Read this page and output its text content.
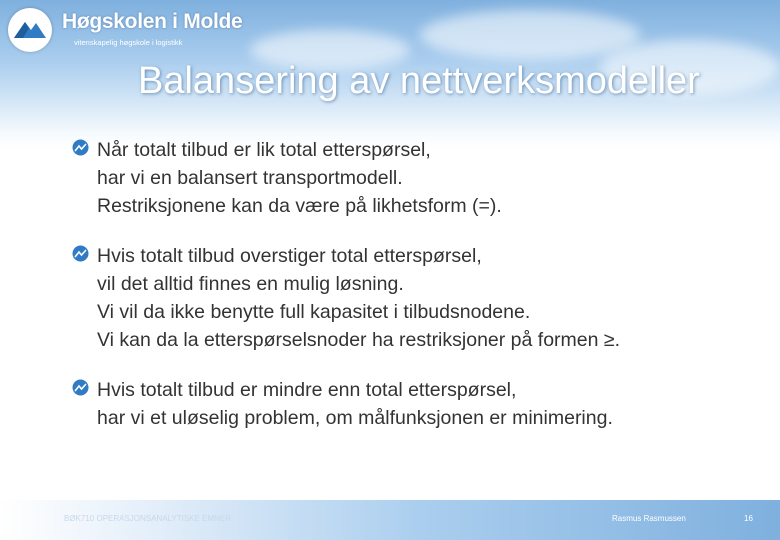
Høgskolen i Molde
vitenskapelig høgskole i logistikk
Balansering av nettverksmodeller
Når totalt tilbud er lik total etterspørsel,
har vi en balansert transportmodell.
Restriksjonene kan da være på likhetsform (=).
Hvis totalt tilbud overstiger total etterspørsel,
vil det alltid finnes en mulig løsning.
Vi vil da ikke benytte full kapasitet i tilbudsnodene.
Vi kan da la etterspørselsnoder ha restriksjoner på formen ≥.
Hvis totalt tilbud er mindre enn total etterspørsel,
har vi et uløselig problem, om målfunksjonen er minimering.
BØK710 OPERASJONSANALYTISKE EMNER	Rasmus Rasmussen	16
